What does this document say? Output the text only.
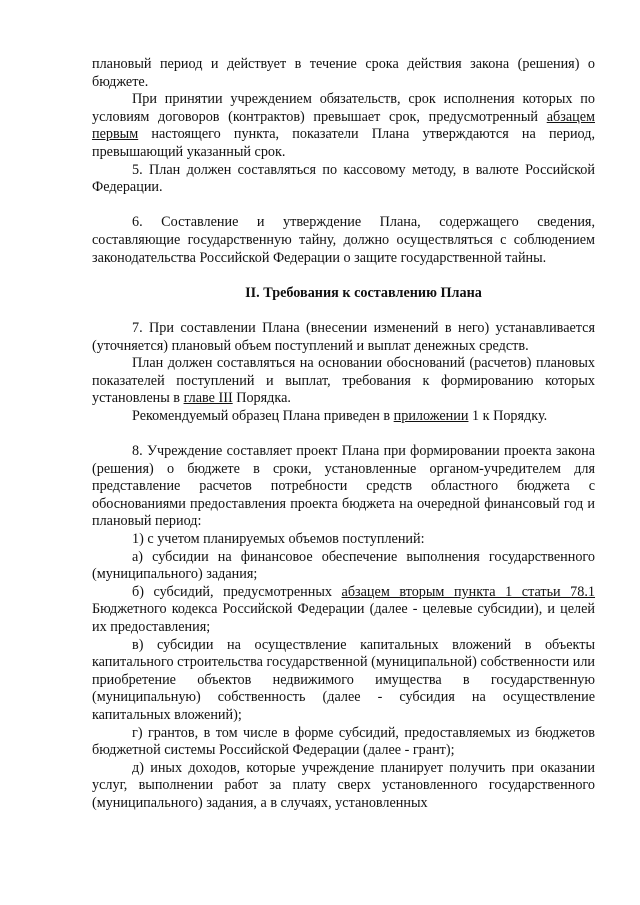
плановый период и действует в течение срока действия закона (решения) о бюджете.

При принятии учреждением обязательств, срок исполнения которых по условиям договоров (контрактов) превышает срок, предусмотренный абзацем первым настоящего пункта, показатели Плана утверждаются на период, превышающий указанный срок.

5. План должен составляться по кассовому методу, в валюте Российской Федерации.

6. Составление и утверждение Плана, содержащего сведения, составляющие государственную тайну, должно осуществляться с соблюдением законодательства Российской Федерации о защите государственной тайны.

II. Требования к составлению Плана

7. При составлении Плана (внесении изменений в него) устанавливается (уточняется) плановый объем поступлений и выплат денежных средств.

План должен составляться на основании обоснований (расчетов) плановых показателей поступлений и выплат, требования к формированию которых установлены в главе III Порядка.

Рекомендуемый образец Плана приведен в приложении 1 к Порядку.

8. Учреждение составляет проект Плана при формировании проекта закона (решения) о бюджете в сроки, установленные органом-учредителем для представление расчетов потребности средств областного бюджета с обоснованиями предоставления проекта бюджета на очередной финансовый год и плановый период:

1) с учетом планируемых объемов поступлений:

а) субсидии на финансовое обеспечение выполнения государственного (муниципального) задания;

б) субсидий, предусмотренных абзацем вторым пункта 1 статьи 78.1 Бюджетного кодекса Российской Федерации (далее - целевые субсидии), и целей их предоставления;

в) субсидии на осуществление капитальных вложений в объекты капитального строительства государственной (муниципальной) собственности или приобретение объектов недвижимого имущества в государственную (муниципальную) собственность (далее - субсидия на осуществление капитальных вложений);

г) грантов, в том числе в форме субсидий, предоставляемых из бюджетов бюджетной системы Российской Федерации (далее - грант);

д) иных доходов, которые учреждение планирует получить при оказании услуг, выполнении работ за плату сверх установленного государственного (муниципального) задания, а в случаях, установленных
